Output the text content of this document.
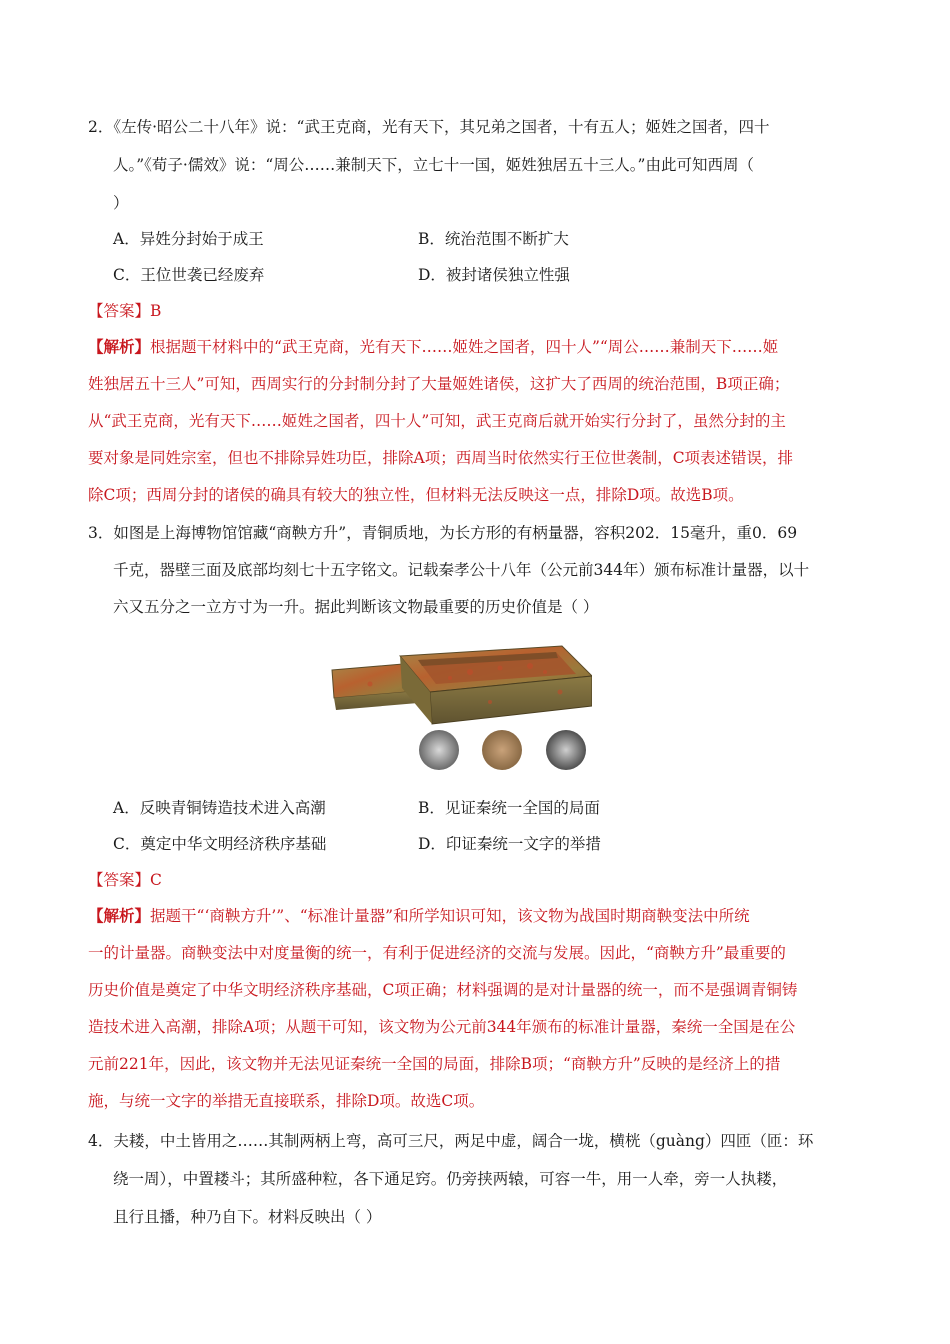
2．《左传·昭公二十八年》说：“武王克商，光有天下，其兄弟之国者，十有五人；姬姓之国者，四十
人。”《荀子·儒效》说：“周公……兼制天下，立七十一国，姬姓独居五十三人。”由此可知西周（
）
A．异姓分封始于成王	B．统治范围不断扩大
C．王位世袭已经废弃	D．被封诸侯独立性强
【答案】B
【解析】根据题干材料中的“武王克商，光有天下……姬姓之国者，四十人”“周公……兼制天下……姬
姓独居五十三人”可知，西周实行的分封制分封了大量姬姓诸侯，这扩大了西周的统治范围，B项正确；
从“武王克商，光有天下……姬姓之国者，四十人”可知，武王克商后就开始实行分封了，虽然分封的主
要对象是同姓宗室，但也不排除异姓功臣，排除A项；西周当时依然实行王位世袭制，C项表述错误，排
除C项；西周分封的诸侯的确具有较大的独立性，但材料无法反映这一点，排除D项。故选B项。
3．如图是上海博物馆馆藏“商鞅方升”，青铜质地，为长方形的有柄量器，容积202．15毫升，重0．69
千克，器壁三面及底部均刻七十五字铭文。记载秦孝公十八年（公元前344年）颁布标准计量器，以十
六又五分之一立方寸为一升。据此判断该文物最重要的历史价值是（ ）
A．反映青铜铸造技术进入高潮	B．见证秦统一全国的局面
C．奠定中华文明经济秩序基础	D．印证秦统一文字的举措
【答案】C
【解析】据题干“‘商鞅方升’”、“标准计量器”和所学知识可知，该文物为战国时期商鞅变法中所统
一的计量器。商鞅变法中对度量衡的统一，有利于促进经济的交流与发展。因此，“商鞅方升”最重要的
历史价值是奠定了中华文明经济秩序基础，C项正确；材料强调的是对计量器的统一，而不是强调青铜铸
造技术进入高潮，排除A项；从题干可知，该文物为公元前344年颁布的标准计量器，秦统一全国是在公
元前221年，因此，该文物并无法见证秦统一全国的局面，排除B项；“商鞅方升”反映的是经济上的措
施，与统一文字的举措无直接联系，排除D项。故选C项。
4．夫耧，中土皆用之……其制两柄上弯，高可三尺，两足中虚，阔合一垅，横桄（guàng）四匝（匝：环
绕一周），中置耧斗；其所盛种粒，各下通足窍。仍旁挟两辕，可容一牛，用一人牵，旁一人执耧，
且行且播，种乃自下。材料反映出（ ）
